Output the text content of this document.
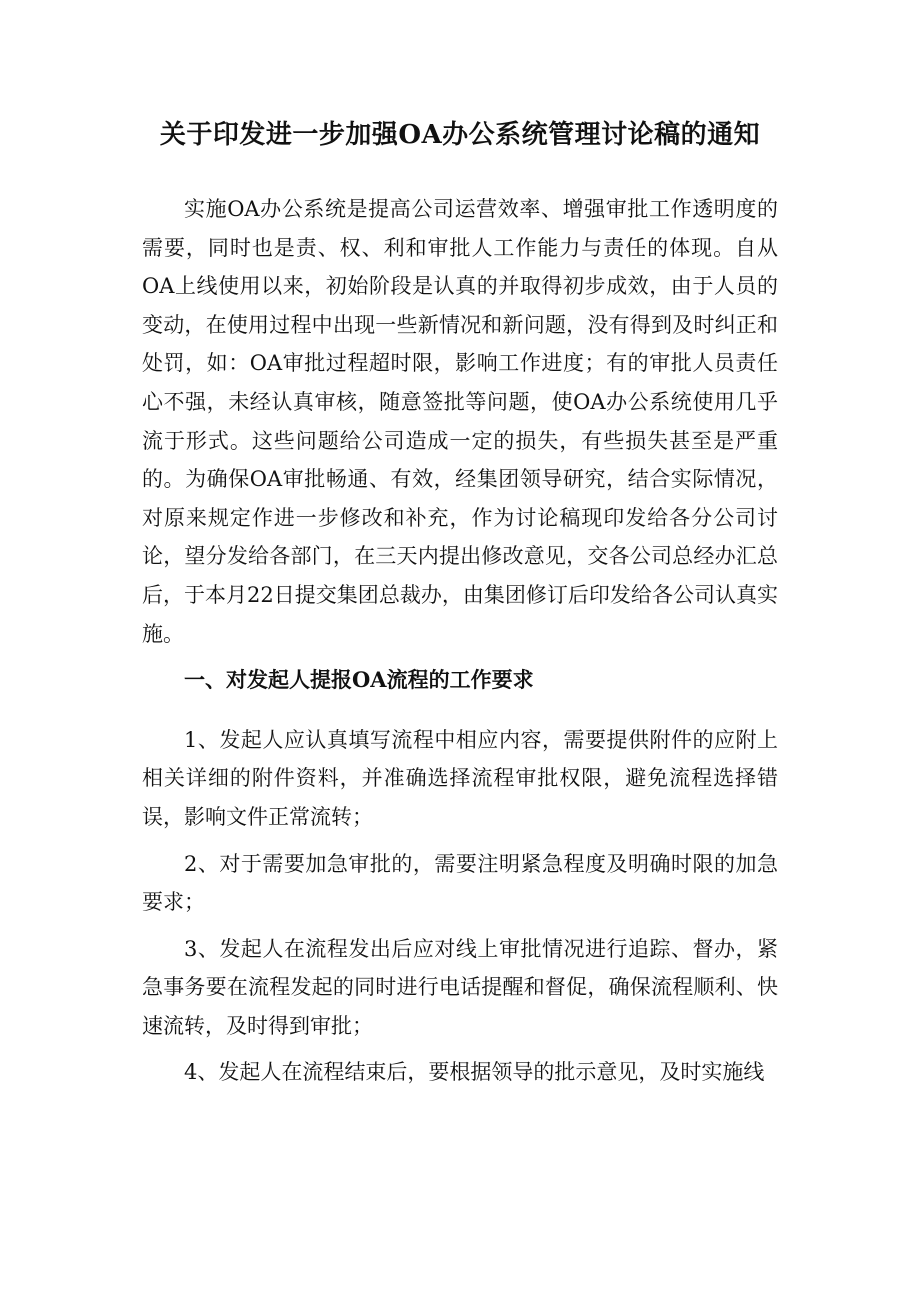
关于印发进一步加强OA办公系统管理讨论稿的通知

实施OA办公系统是提高公司运营效率、增强审批工作透明度的需要，同时也是责、权、利和审批人工作能力与责任的体现。自从OA上线使用以来，初始阶段是认真的并取得初步成效，由于人员的变动，在使用过程中出现一些新情况和新问题，没有得到及时纠正和处罚，如：OA审批过程超时限，影响工作进度；有的审批人员责任心不强，未经认真审核，随意签批等问题，使OA办公系统使用几乎流于形式。这些问题给公司造成一定的损失，有些损失甚至是严重的。为确保OA审批畅通、有效，经集团领导研究，结合实际情况，对原来规定作进一步修改和补充，作为讨论稿现印发给各分公司讨论，望分发给各部门，在三天内提出修改意见，交各公司总经办汇总后，于本月22日提交集团总裁办，由集团修订后印发给各公司认真实施。

一、对发起人提报OA流程的工作要求

1、发起人应认真填写流程中相应内容，需要提供附件的应附上相关详细的附件资料，并准确选择流程审批权限，避免流程选择错误，影响文件正常流转；

2、对于需要加急审批的，需要注明紧急程度及明确时限的加急要求；

3、发起人在流程发出后应对线上审批情况进行追踪、督办，紧急事务要在流程发起的同时进行电话提醒和督促，确保流程顺利、快速流转，及时得到审批；

4、发起人在流程结束后，要根据领导的批示意见，及时实施线
